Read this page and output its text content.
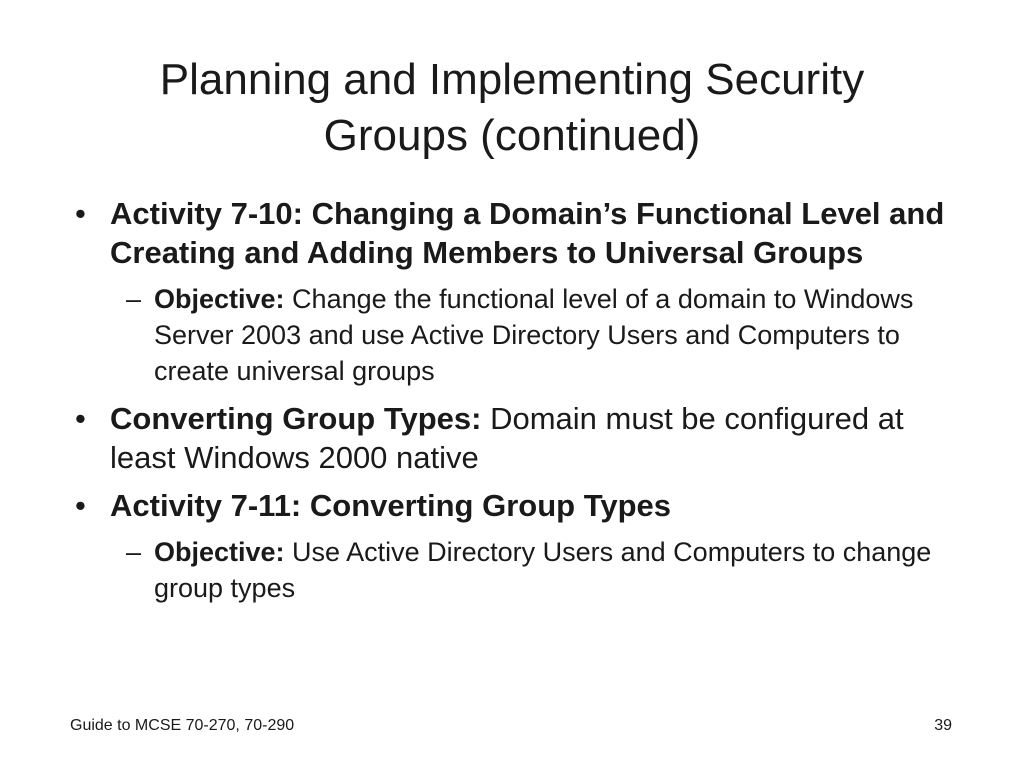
Planning and Implementing Security
Groups (continued)
• Activity 7-10: Changing a Domain’s Functional Level and Creating and Adding Members to Universal Groups
– Objective: Change the functional level of a domain to Windows Server 2003 and use Active Directory Users and Computers to create universal groups
• Converting Group Types: Domain must be configured at least Windows 2000 native
• Activity 7-11: Converting Group Types
– Objective: Use Active Directory Users and Computers to change group types
Guide to MCSE 70-270, 70-290	39
